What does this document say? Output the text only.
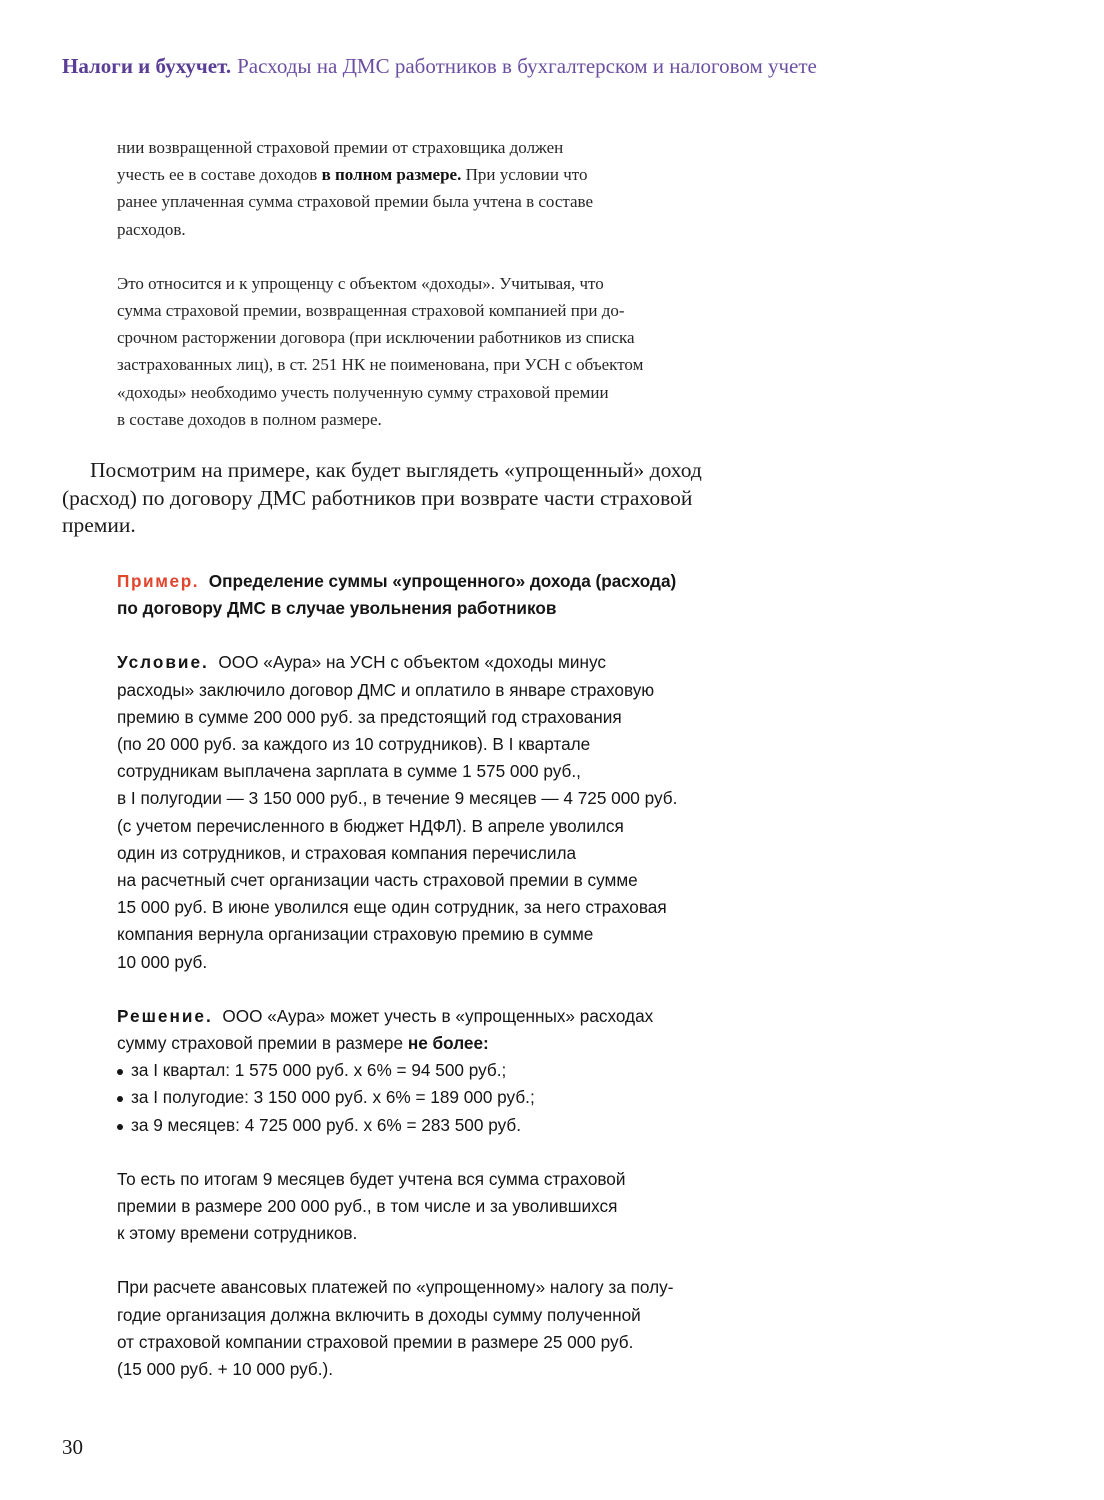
Налоги и бухучет. Расходы на ДМС работников в бухгалтерском и налоговом учете

нии возвращенной страховой премии от страховщика должен
учесть ее в составе доходов в полном размере. При условии что
ранее уплаченная сумма страховой премии была учтена в составе
расходов.

Это относится и к упрощенцу с объектом «доходы». Учитывая, что
сумма страховой премии, возвращенная страховой компанией при до-
срочном расторжении договора (при исключении работников из списка
застрахованных лиц), в ст. 251 НК не поименована, при УСН с объектом
«доходы» необходимо учесть полученную сумму страховой премии
в составе доходов в полном размере.

Посмотрим на примере, как будет выглядеть «упрощенный» доход
(расход) по договору ДМС работников при возврате части страховой
премии.

Пример. Определение суммы «упрощенного» дохода (расхода)
по договору ДМС в случае увольнения работников

Условие. ООО «Аура» на УСН с объектом «доходы минус
расходы» заключило договор ДМС и оплатило в январе страховую
премию в сумме 200 000 руб. за предстоящий год страхования
(по 20 000 руб. за каждого из 10 сотрудников). В I квартале
сотрудникам выплачена зарплата в сумме 1 575 000 руб.,
в I полугодии — 3 150 000 руб., в течение 9 месяцев — 4 725 000 руб.
(с учетом перечисленного в бюджет НДФЛ). В апреле уволился
один из сотрудников, и страховая компания перечислила
на расчетный счет организации часть страховой премии в сумме
15 000 руб. В июне уволился еще один сотрудник, за него страховая
компания вернула организации страховую премию в сумме
10 000 руб.

Решение. ООО «Аура» может учесть в «упрощенных» расходах
сумму страховой премии в размере не более:

за I квартал: 1 575 000 руб. х 6% = 94 500 руб.;
за I полугодие: 3 150 000 руб. х 6% = 189 000 руб.;
за 9 месяцев: 4 725 000 руб. х 6% = 283 500 руб.

То есть по итогам 9 месяцев будет учтена вся сумма страховой
премии в размере 200 000 руб., в том числе и за уволившихся
к этому времени сотрудников.

При расчете авансовых платежей по «упрощенному» налогу за полу-
годие организация должна включить в доходы сумму полученной
от страховой компании страховой премии в размере 25 000 руб.
(15 000 руб. + 10 000 руб.).

30
